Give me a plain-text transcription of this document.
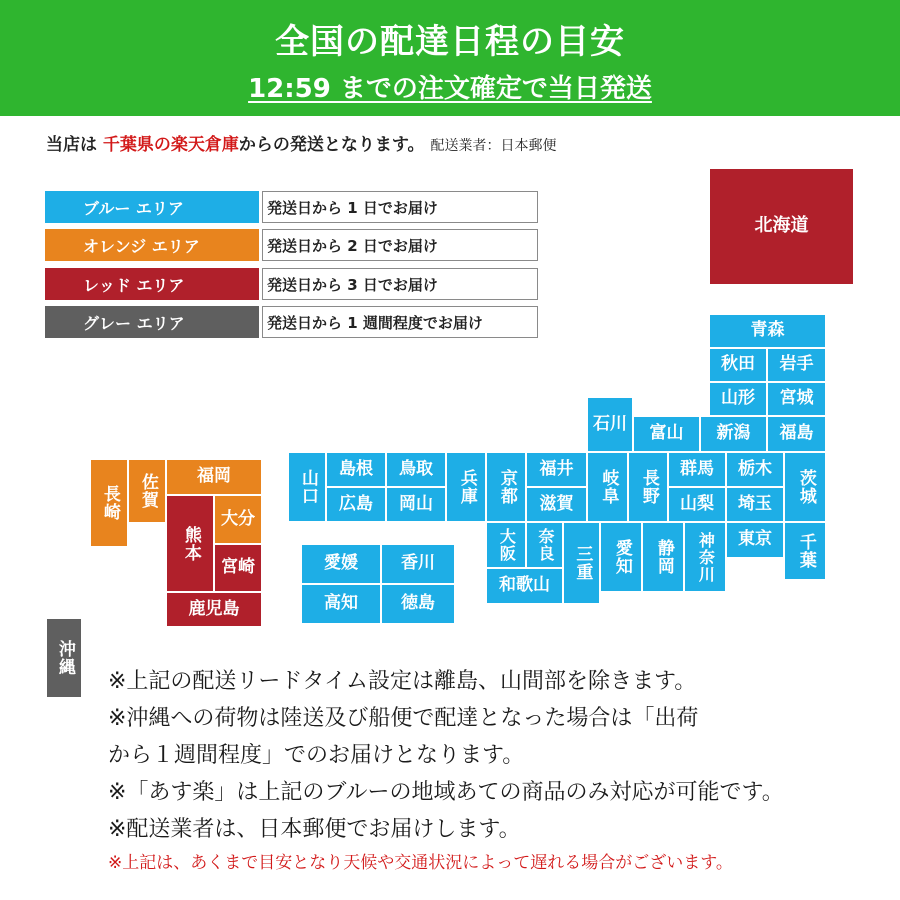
全国の配達日程の目安
12:59 までの注文確定で当日発送
当店は 千葉県の楽天倉庫からの発送となります。 配送業者：日本郵便
ブルー エリア	発送日から 1 日でお届け
オレンジ エリア	発送日から 2 日でお届け
レッド エリア	発送日から 3 日でお届け
グレー エリア	発送日から 1 週間程度でお届け
北海道
青森
秋田	岩手
山形	宮城
新潟	福島
石川	富山
岐阜	長野
群馬	栃木
茨城
山梨	埼玉
東京	千葉
神奈川
静岡
愛知
三重
福井
滋賀
京都
奈良
大阪
和歌山
兵庫
鳥取
岡山
島根
広島
山口
愛媛	香川
高知	徳島
福岡
佐賀
長崎
熊本
大分
宮崎
鹿児島
沖縄
※上記の配送リードタイム設定は離島、山間部を除きます。
※沖縄への荷物は陸送及び船便で配達となった場合は「出荷
から１週間程度」でのお届けとなります。
※「あす楽」は上記のブルーの地域あての商品のみ対応が可能です。
※配送業者は、日本郵便でお届けします。
※上記は、あくまで目安となり天候や交通状況によって遅れる場合がございます。
